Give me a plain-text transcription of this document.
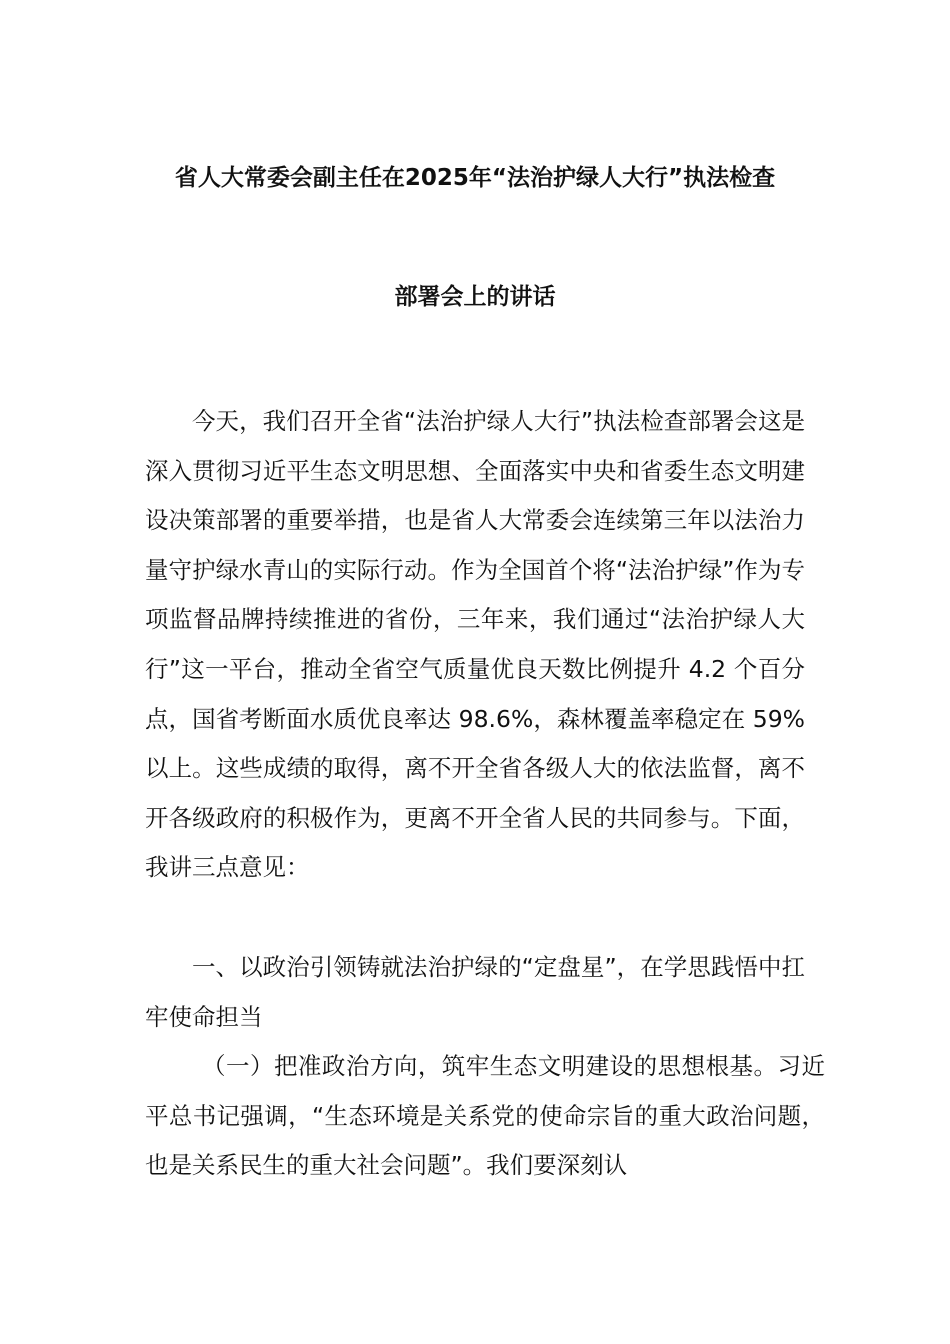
省人大常委会副主任在2025年“法治护绿人大行”执法检查
部署会上的讲话

今天，我们召开全省“法治护绿人大行”执法检查部署会这是深入贯彻习近平生态文明思想、全面落实中央和省委生态文明建设决策部署的重要举措，也是省人大常委会连续第三年以法治力量守护绿水青山的实际行动。作为全国首个将“法治护绿”作为专项监督品牌持续推进的省份，三年来，我们通过“法治护绿人大行”这一平台，推动全省空气质量优良天数比例提升 4.2 个百分点，国省考断面水质优良率达 98.6%，森林覆盖率稳定在 59%以上。这些成绩的取得，离不开全省各级人大的依法监督，离不开各级政府的积极作为，更离不开全省人民的共同参与。下面，我讲三点意见：

一、以政治引领铸就法治护绿的“定盘星”，在学思践悟中扛牢使命担当

（一）把准政治方向，筑牢生态文明建设的思想根基。习近平总书记强调，“生态环境是关系党的使命宗旨的重大政治问题，也是关系民生的重大社会问题”。我们要深刻认
